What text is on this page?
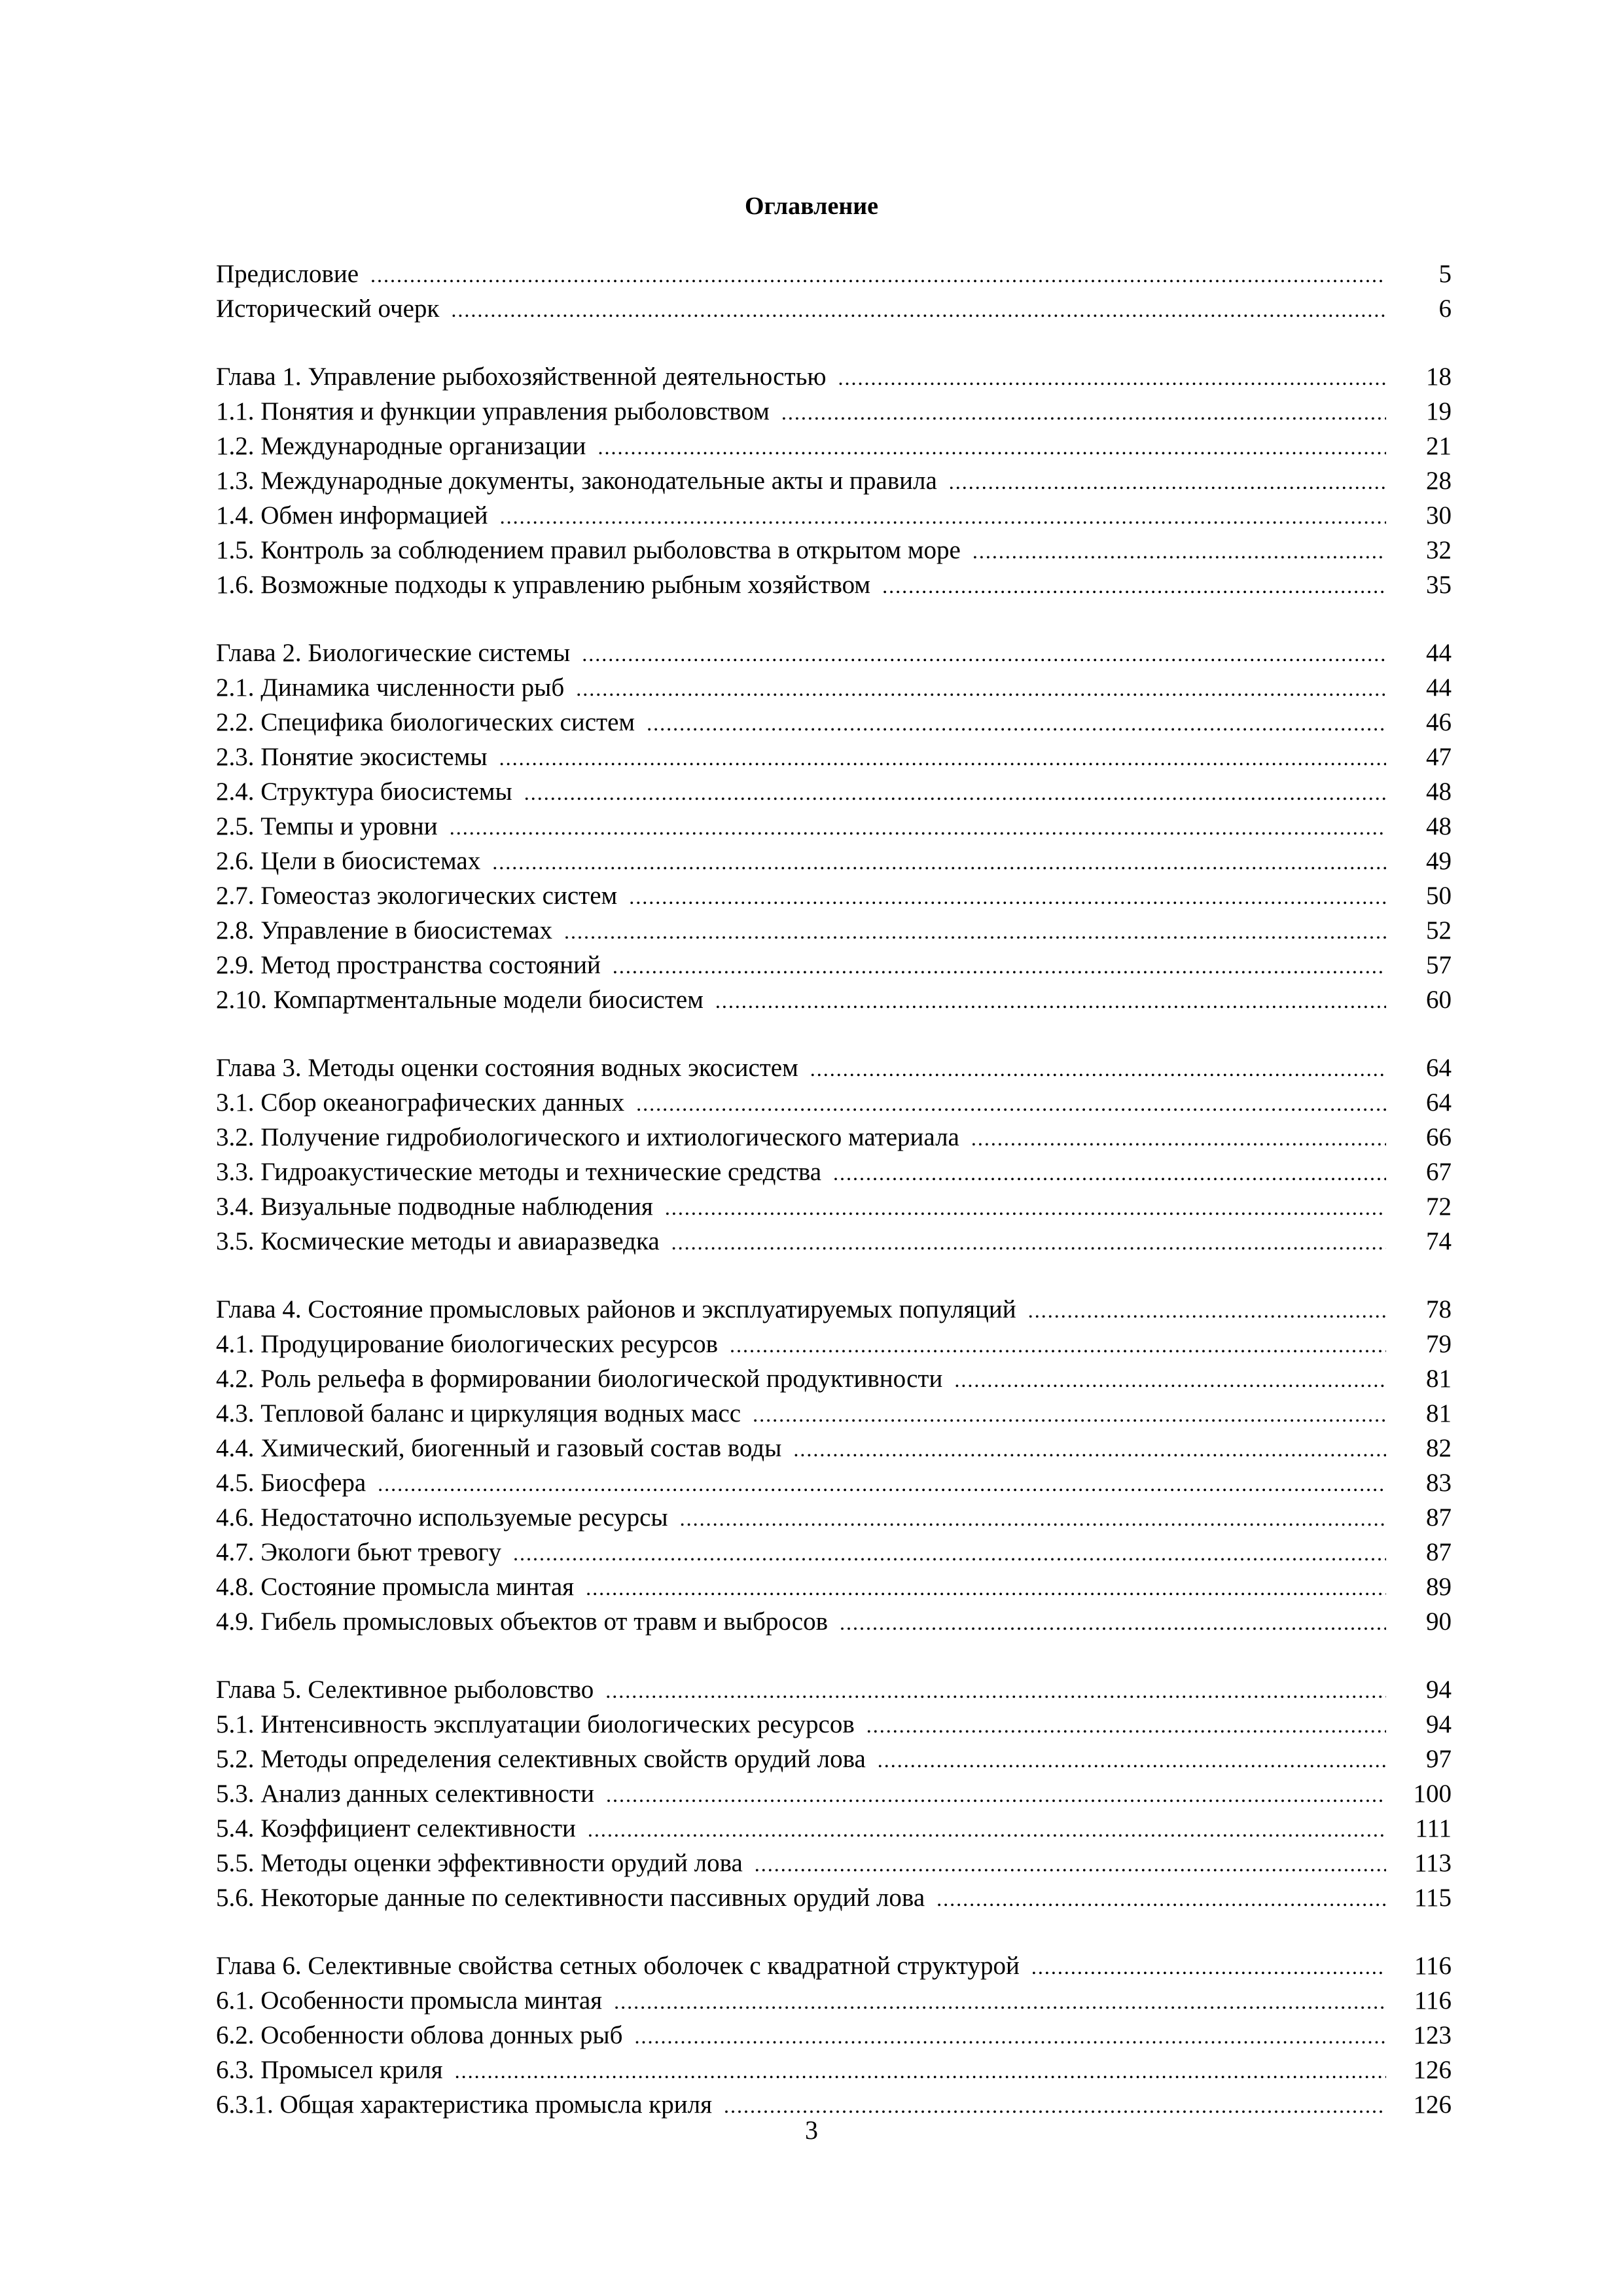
Оглавление
Предисловие .....	5
Исторический очерк .....	6
Глава 1. Управление рыбохозяйственной деятельностью .....	18
1.1. Понятия и функции управления рыболовством .....	19
1.2. Международные организации .....	21
1.3. Международные документы, законодательные акты и правила .....	28
1.4. Обмен информацией .....	30
1.5. Контроль за соблюдением правил рыболовства в открытом море .....	32
1.6. Возможные подходы к управлению рыбным хозяйством .....	35
Глава 2. Биологические системы .....	44
2.1. Динамика численности рыб .....	44
2.2. Специфика биологических систем .....	46
2.3. Понятие экосистемы .....	47
2.4. Структура биосистемы .....	48
2.5. Темпы и уровни .....	48
2.6. Цели в биосистемах .....	49
2.7. Гомеостаз экологических систем .....	50
2.8. Управление в биосистемах .....	52
2.9. Метод пространства состояний .....	57
2.10. Компартментальные модели биосистем .....	60
Глава 3. Методы оценки состояния водных экосистем .....	64
3.1. Сбор океанографических данных .....	64
3.2. Получение гидробиологического и ихтиологического материала .....	66
3.3. Гидроакустические методы и технические средства .....	67
3.4. Визуальные подводные наблюдения .....	72
3.5. Космические методы и авиаразведка .....	74
Глава 4. Состояние промысловых районов и эксплуатируемых популяций .....	78
4.1. Продуцирование биологических ресурсов .....	79
4.2. Роль рельефа в формировании биологической продуктивности .....	81
4.3. Тепловой баланс и циркуляция водных масс .....	81
4.4. Химический, биогенный и газовый состав воды .....	82
4.5. Биосфера .....	83
4.6. Недостаточно используемые ресурсы .....	87
4.7. Экологи бьют тревогу .....	87
4.8. Состояние промысла минтая .....	89
4.9. Гибель промысловых объектов от травм и выбросов .....	90
Глава 5. Селективное рыболовство .....	94
5.1. Интенсивность эксплуатации биологических ресурсов .....	94
5.2. Методы определения селективных свойств орудий лова .....	97
5.3. Анализ данных селективности .....	100
5.4. Коэффициент селективности .....	111
5.5. Методы оценки эффективности орудий лова .....	113
5.6. Некоторые данные по селективности пассивных орудий лова .....	115
Глава 6. Селективные свойства сетных оболочек с квадратной структурой .....	116
6.1. Особенности промысла минтая .....	116
6.2. Особенности облова донных рыб .....	123
6.3. Промысел криля .....	126
6.3.1. Общая характеристика промысла криля .....	126
3
